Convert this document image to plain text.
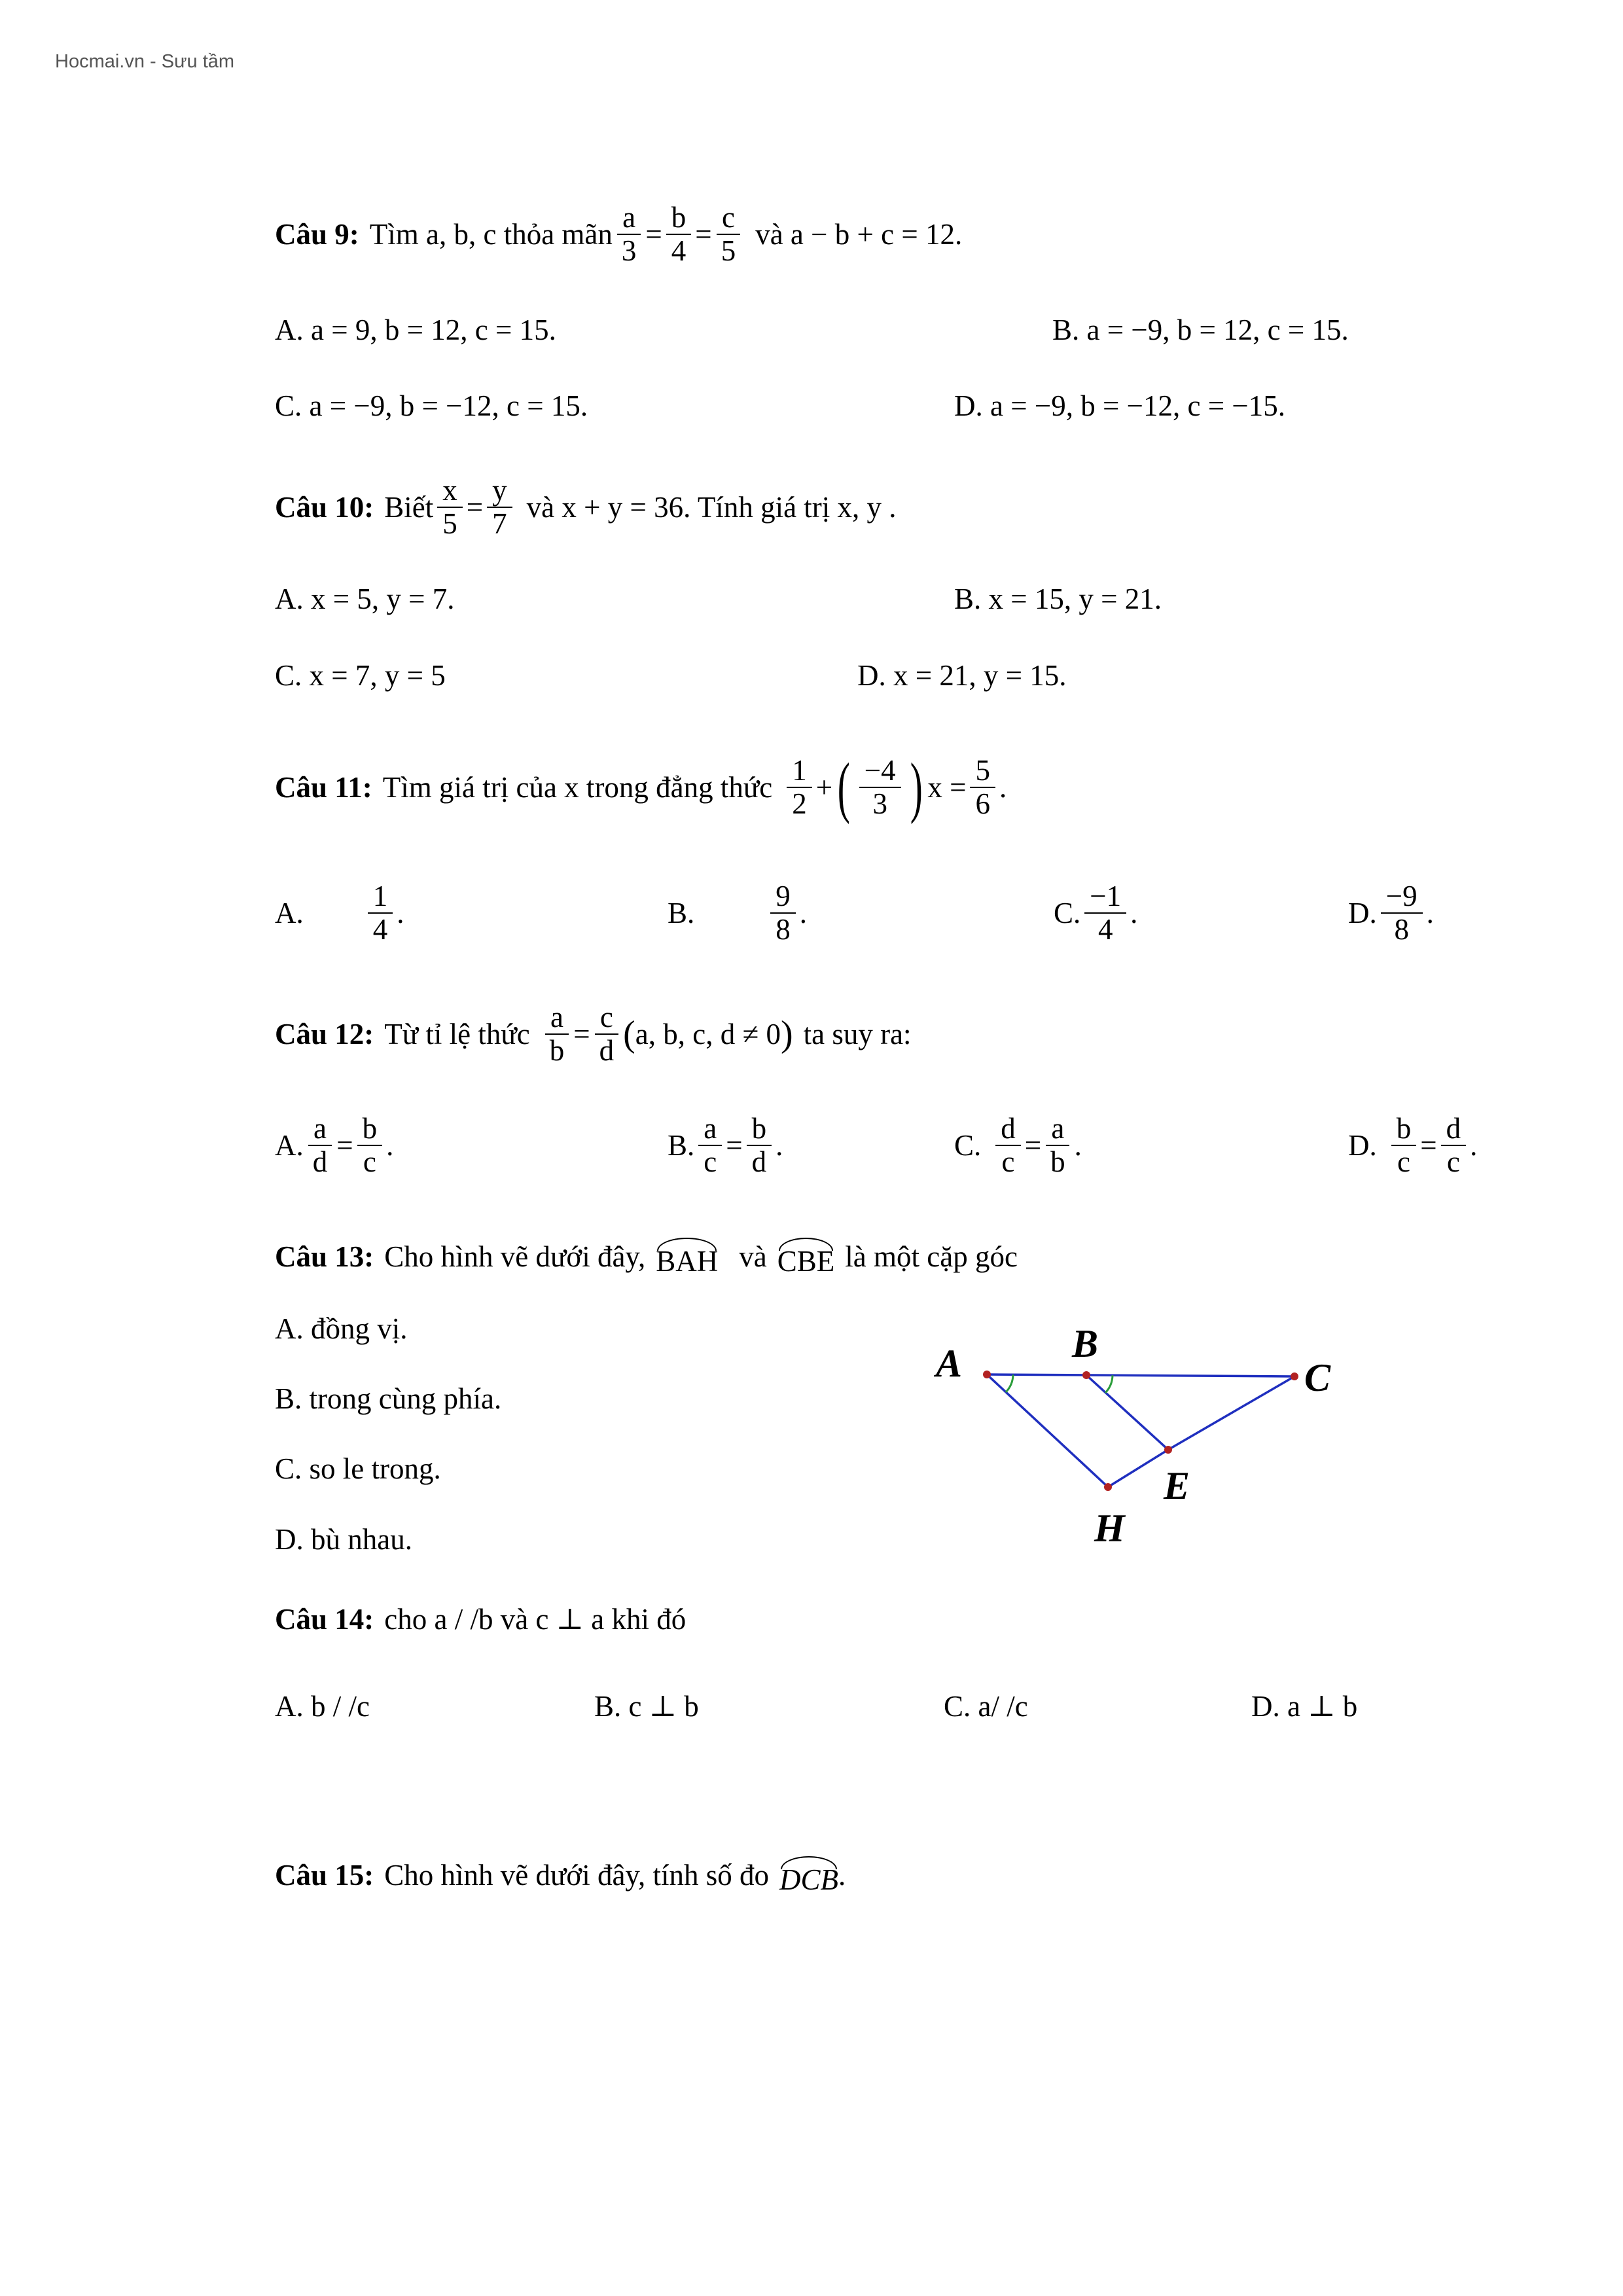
Hocmai.vn - Sưu tầm
Câu 9: Tìm a, b, c thỏa mãn $\frac{a}{3} = \frac{b}{4} = \frac{c}{5}$ và a − b + c = 12.
A. a = 9, b = 12, c = 15.	B. a = −9, b = 12, c = 15.
C. a = −9, b = −12, c = 15.	D. a = −9, b = −12, c = −15.
Câu 10: Biết $\frac{x}{5} = \frac{y}{7}$ và x + y = 36. Tính giá trị x, y .
A. x = 5, y = 7.	B. x = 15, y = 21.
C. x = 7, y = 5	D. x = 21, y = 15.
Câu 11: Tìm giá trị của x trong đẳng thức $\frac{1}{2}$ + ( $\frac{-4}{3}$ ) $x = \frac{5}{6}$ .
A. $\frac{1}{4}$ .	B.	$\frac{9}{8}$ .	C. $\frac{-1}{4}$ .	D. $\frac{-9}{8}$ .
Câu 12: Từ tỉ lệ thức $\frac{a}{b} = \frac{c}{d}$ ( a, b, c, d ≠ 0 ) ta suy ra:
A. $\frac{a}{d} = \frac{b}{c}$ .	B. $\frac{a}{c} = \frac{b}{d}$ .	C. $\frac{d}{c} = \frac{a}{b}$ .	D. $\frac{b}{c} = \frac{d}{c}$ .
Câu 13: Cho hình vẽ dưới đây, BAH và CBE là một cặp góc
A. đồng vị.
B. trong cùng phía.
C. so le trong.
D. bù nhau.
A	B
C
E
H
Câu 14: cho a / /b và c ⊥ a khi đó
A. b / /c	B. c ⊥ b	C. a/ /c	D. a ⊥ b
Câu 15: Cho hình vẽ dưới đây, tính số đo DCB .
